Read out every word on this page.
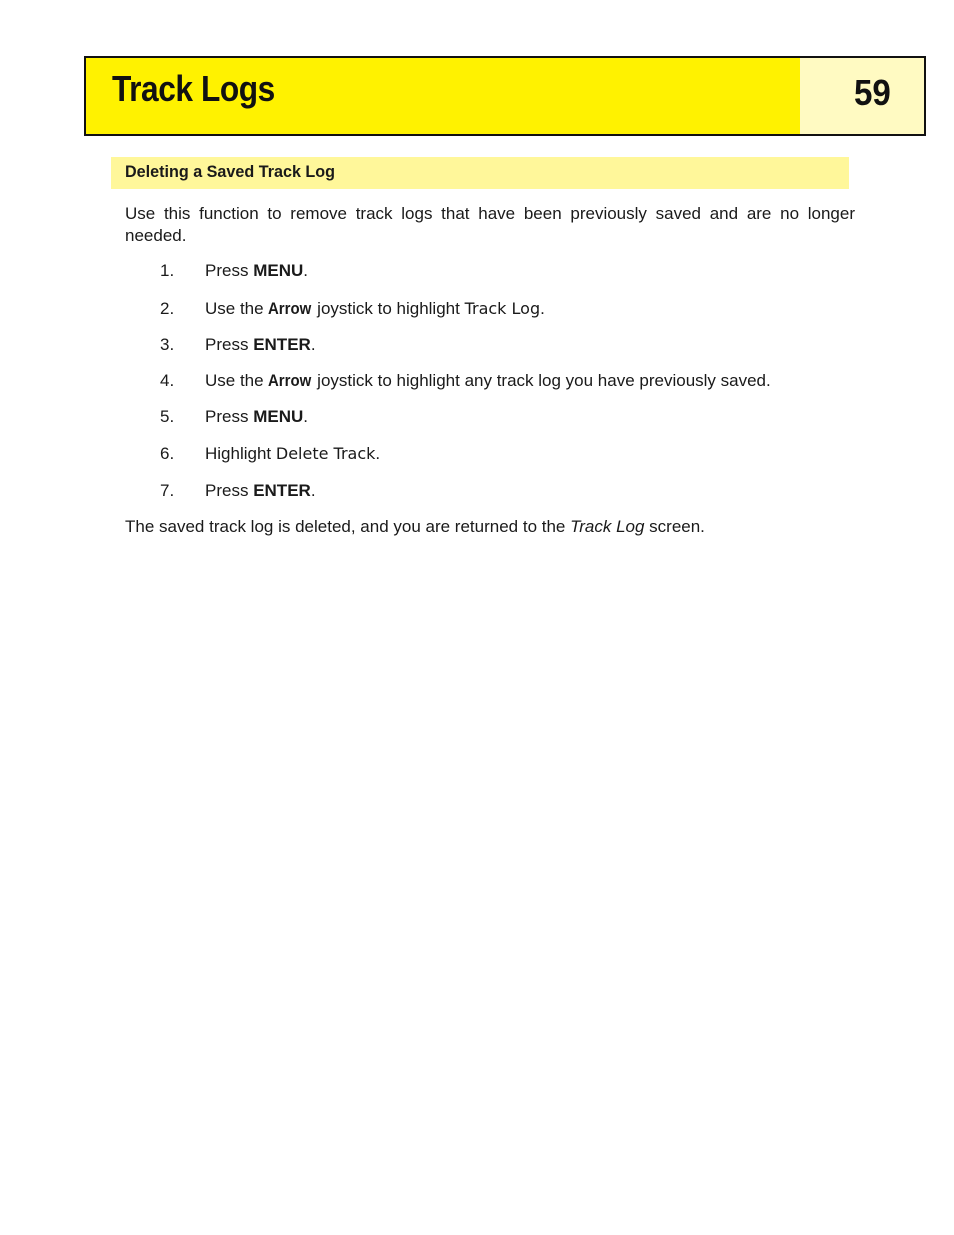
Track Logs	59
Deleting a Saved Track Log
Use this function to remove track logs that have been previously saved and are no longer needed.
1. Press MENU.
2. Use the Arrow joystick to highlight Track Log.
3. Press ENTER.
4. Use the Arrow joystick to highlight any track log you have previously saved.
5. Press MENU.
6. Highlight Delete Track.
7. Press ENTER.
The saved track log is deleted, and you are returned to the Track Log screen.
